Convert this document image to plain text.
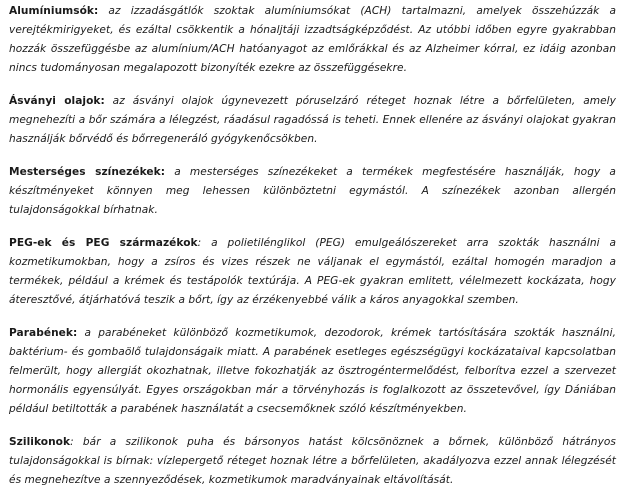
Alumíniumsók: az izzadásgátlók szoktak alumíniumsókat (ACH) tartalmazni, amelyek összehúzzák a verejtékmirigyeket, és ezáltal csökkentik a hónaljtáji izzadtságképződést. Az utóbbi időben egyre gyakrabban hozzák összefüggésbe az alumínium/ACH hatóanyagot az emlőrákkal és az Alzheimer kórral, ez idáig azonban nincs tudományosan megalapozott bizonyíték ezekre az összefüggésekre.

Ásványi olajok: az ásványi olajok úgynevezett póruselzáró réteget hoznak létre a bőrfelületen, amely megnehezíti a bőr számára a lélegzést, ráadásul ragadóssá is teheti. Ennek ellenére az ásványi olajokat gyakran használják bőrvédő és bőrregeneráló gyógykenőcsökben.

Mesterséges színezékek: a mesterséges színezékeket a termékek megfestésére használják, hogy a készítményeket könnyen meg lehessen különböztetni egymástól. A színezékek azonban allergén tulajdonságokkal bírhatnak.

PEG-ek és PEG származékok: a polietilénglikol (PEG) emulgeálószereket arra szokták használni a kozmetikumokban, hogy a zsíros és vizes részek ne váljanak el egymástól, ezáltal homogén maradjon a termékek, például a krémek és testápolók textúrája. A PEG-ek gyakran emlitett, vélelmezett kockázata, hogy áteresztővé, átjárhatóvá teszik a bőrt, így az érzékenyebbé válik a káros anyagokkal szemben.

Parabének: a parabéneket különböző kozmetikumok, dezodorok, krémek tartósítására szokták használni, baktérium- és gombaölő tulajdonságaik miatt. A parabének esetleges egészségügyi kockázataival kapcsolatban felmerült, hogy allergiát okozhatnak, illetve fokozhatják az ösztrogéntermelődést, felborítva ezzel a szervezet hormonális egyensúlyát. Egyes országokban már a törvényhozás is foglalkozott az összetevővel, így Dániában például betiltották a parabének használatát a csecsemőknek szóló készítményekben.

Szilikonok: bár a szilikonok puha és bársonyos hatást kölcsönöznek a bőrnek, különböző hátrányos tulajdonságokkal is bírnak: vízlepergető réteget hoznak létre a bőrfelületen, akadályozva ezzel annak lélegzését és megnehezítve a szennyeződések, kozmetikumok maradványainak eltávolítását.
